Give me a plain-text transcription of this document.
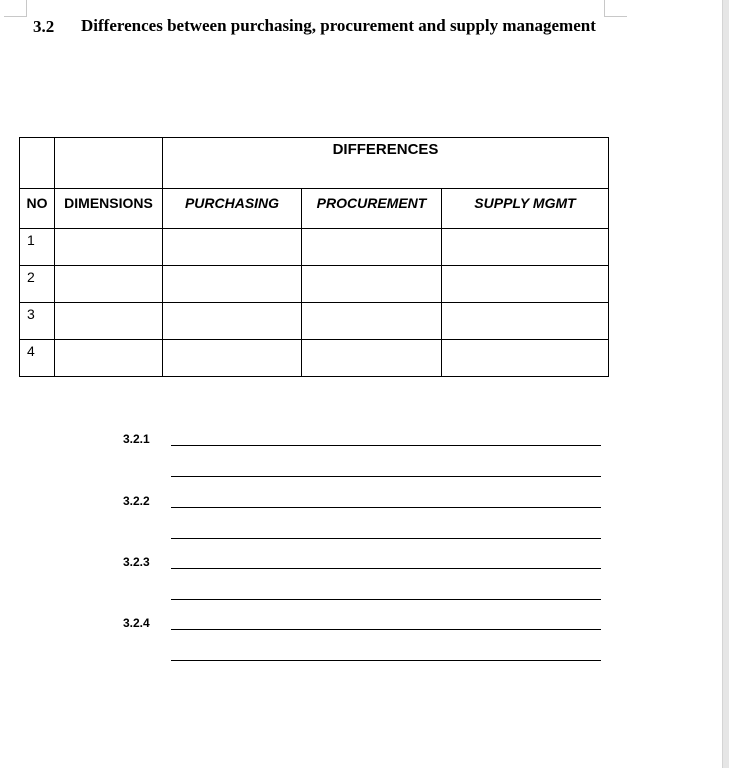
3.2 Differences between purchasing, procurement and supply management
		DIFFERENCES		
NO	DIMENSIONS	PURCHASING	PROCUREMENT	SUPPLY MGMT
1				
2				
3				
4				
3.2.1
3.2.2
3.2.3
3.2.4
